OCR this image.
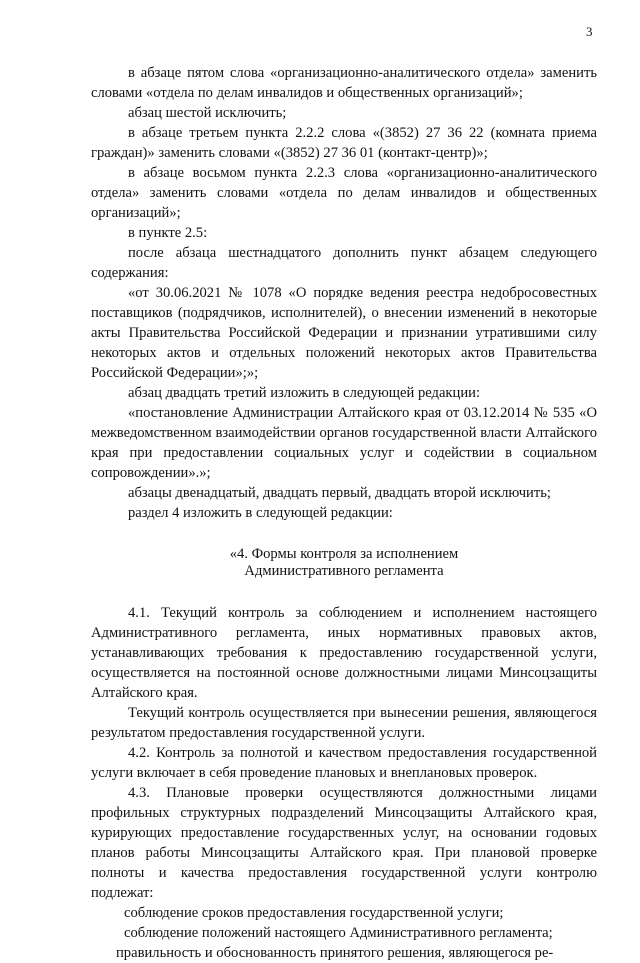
3

в абзаце пятом слова «организационно-аналитического отдела» заменить словами «отдела по делам инвалидов и общественных организаций»;

абзац шестой исключить;

в абзаце третьем пункта 2.2.2 слова «(3852) 27 36 22 (комната приема граждан)» заменить словами «(3852) 27 36 01 (контакт-центр)»;

в абзаце восьмом пункта 2.2.3 слова «организационно-аналитического отдела» заменить словами «отдела по делам инвалидов и общественных организаций»;

в пункте 2.5:

после абзаца шестнадцатого дополнить пункт абзацем следующего содержания:

«от 30.06.2021 № 1078 «О порядке ведения реестра недобросовестных поставщиков (подрядчиков, исполнителей), о внесении изменений в некоторые акты Правительства Российской Федерации и признании утратившими силу некоторых актов и отдельных положений некоторых актов Правительства Российской Федерации»;»;

абзац двадцать третий изложить в следующей редакции:

«постановление Администрации Алтайского края от 03.12.2014 № 535 «О межведомственном взаимодействии органов государственной власти Алтайского края при предоставлении социальных услуг и содействии в социальном сопровождении».»;

абзацы двенадцатый, двадцать первый, двадцать второй исключить;

раздел 4 изложить в следующей редакции:

«4. Формы контроля за исполнением
Административного регламента

4.1. Текущий контроль за соблюдением и исполнением настоящего Административного регламента, иных нормативных правовых актов, устанавливающих требования к предоставлению государственной услуги, осуществляется на постоянной основе должностными лицами Минсоцзащиты Алтайского края.

Текущий контроль осуществляется при вынесении решения, являющегося результатом предоставления государственной услуги.

4.2. Контроль за полнотой и качеством предоставления государственной услуги включает в себя проведение плановых и внеплановых проверок.

4.3. Плановые проверки осуществляются должностными лицами профильных структурных подразделений Минсоцзащиты Алтайского края, курирующих предоставление государственных услуг, на основании годовых планов работы Минсоцзащиты Алтайского края. При плановой проверке полноты и качества предоставления государственной услуги контролю подлежат:

соблюдение сроков предоставления государственной услуги;

соблюдение положений настоящего Административного регламента;

правильность и обоснованность принятого решения, являющегося ре-
